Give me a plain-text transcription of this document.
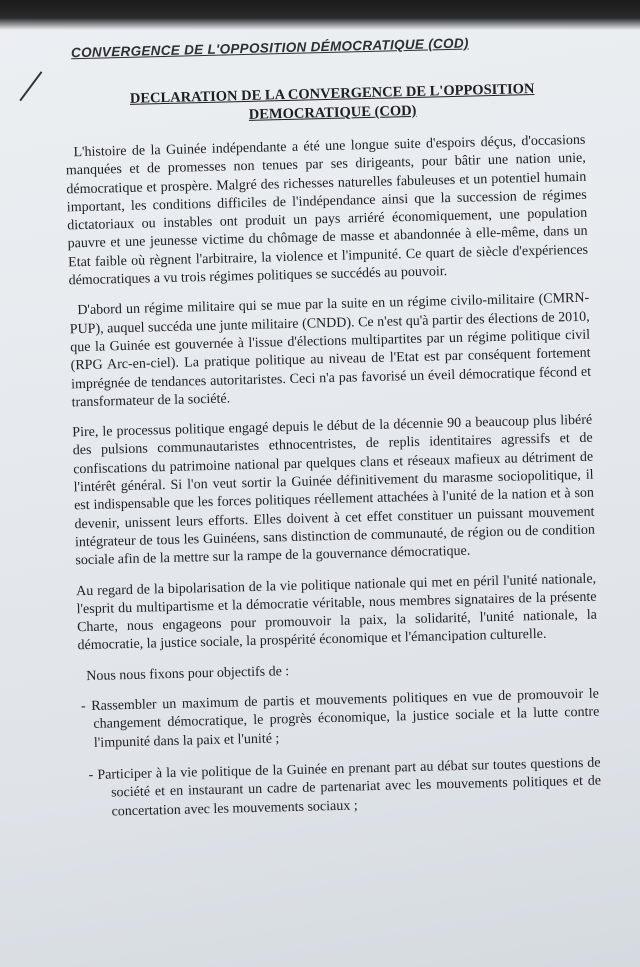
CONVERGENCE DE L'OPPOSITION DÉMOCRATIQUE (COD)
DECLARATION DE LA CONVERGENCE DE L'OPPOSITION
DEMOCRATIQUE (COD)

L'histoire de la Guinée indépendante a été une longue suite d'espoirs déçus, d'occasions manquées et de promesses non tenues par ses dirigeants, pour bâtir une nation unie, démocratique et prospère. Malgré des richesses naturelles fabuleuses et un potentiel humain important, les conditions difficiles de l'indépendance ainsi que la succession de régimes dictatoriaux ou instables ont produit un pays arriéré économiquement, une population pauvre et une jeunesse victime du chômage de masse et abandonnée à elle-même, dans un Etat faible où règnent l'arbitraire, la violence et l'impunité. Ce quart de siècle d'expériences démocratiques a vu trois régimes politiques se succédés au pouvoir.

D'abord un régime militaire qui se mue par la suite en un régime civilo-militaire (CMRN-PUP), auquel succéda une junte militaire (CNDD). Ce n'est qu'à partir des élections de 2010, que la Guinée est gouvernée à l'issue d'élections multipartites par un régime politique civil (RPG Arc-en-ciel). La pratique politique au niveau de l'Etat est par conséquent fortement imprégnée de tendances autoritaristes. Ceci n'a pas favorisé un éveil démocratique fécond et transformateur de la société.

Pire, le processus politique engagé depuis le début de la décennie 90 a beaucoup plus libéré des pulsions communautaristes ethnocentristes, de replis identitaires agressifs et de confiscations du patrimoine national par quelques clans et réseaux mafieux au détriment de l'intérêt général. Si l'on veut sortir la Guinée définitivement du marasme sociopolitique, il est indispensable que les forces politiques réellement attachées à l'unité de la nation et à son devenir, unissent leurs efforts. Elles doivent à cet effet constituer un puissant mouvement intégrateur de tous les Guinéens, sans distinction de communauté, de région ou de condition sociale afin de la mettre sur la rampe de la gouvernance démocratique.

Au regard de la bipolarisation de la vie politique nationale qui met en péril l'unité nationale, l'esprit du multipartisme et la démocratie véritable, nous membres signataires de la présente Charte, nous engageons pour promouvoir la paix, la solidarité, l'unité nationale, la démocratie, la justice sociale, la prospérité économique et l'émancipation culturelle.

Nous nous fixons pour objectifs de :

- Rassembler un maximum de partis et mouvements politiques en vue de promouvoir le changement démocratique, le progrès économique, la justice sociale et la lutte contre l'impunité dans la paix et l'unité ;
- Participer à la vie politique de la Guinée en prenant part au débat sur toutes questions de société et en instaurant un cadre de partenariat avec les mouvements politiques et de concertation avec les mouvements sociaux ;
